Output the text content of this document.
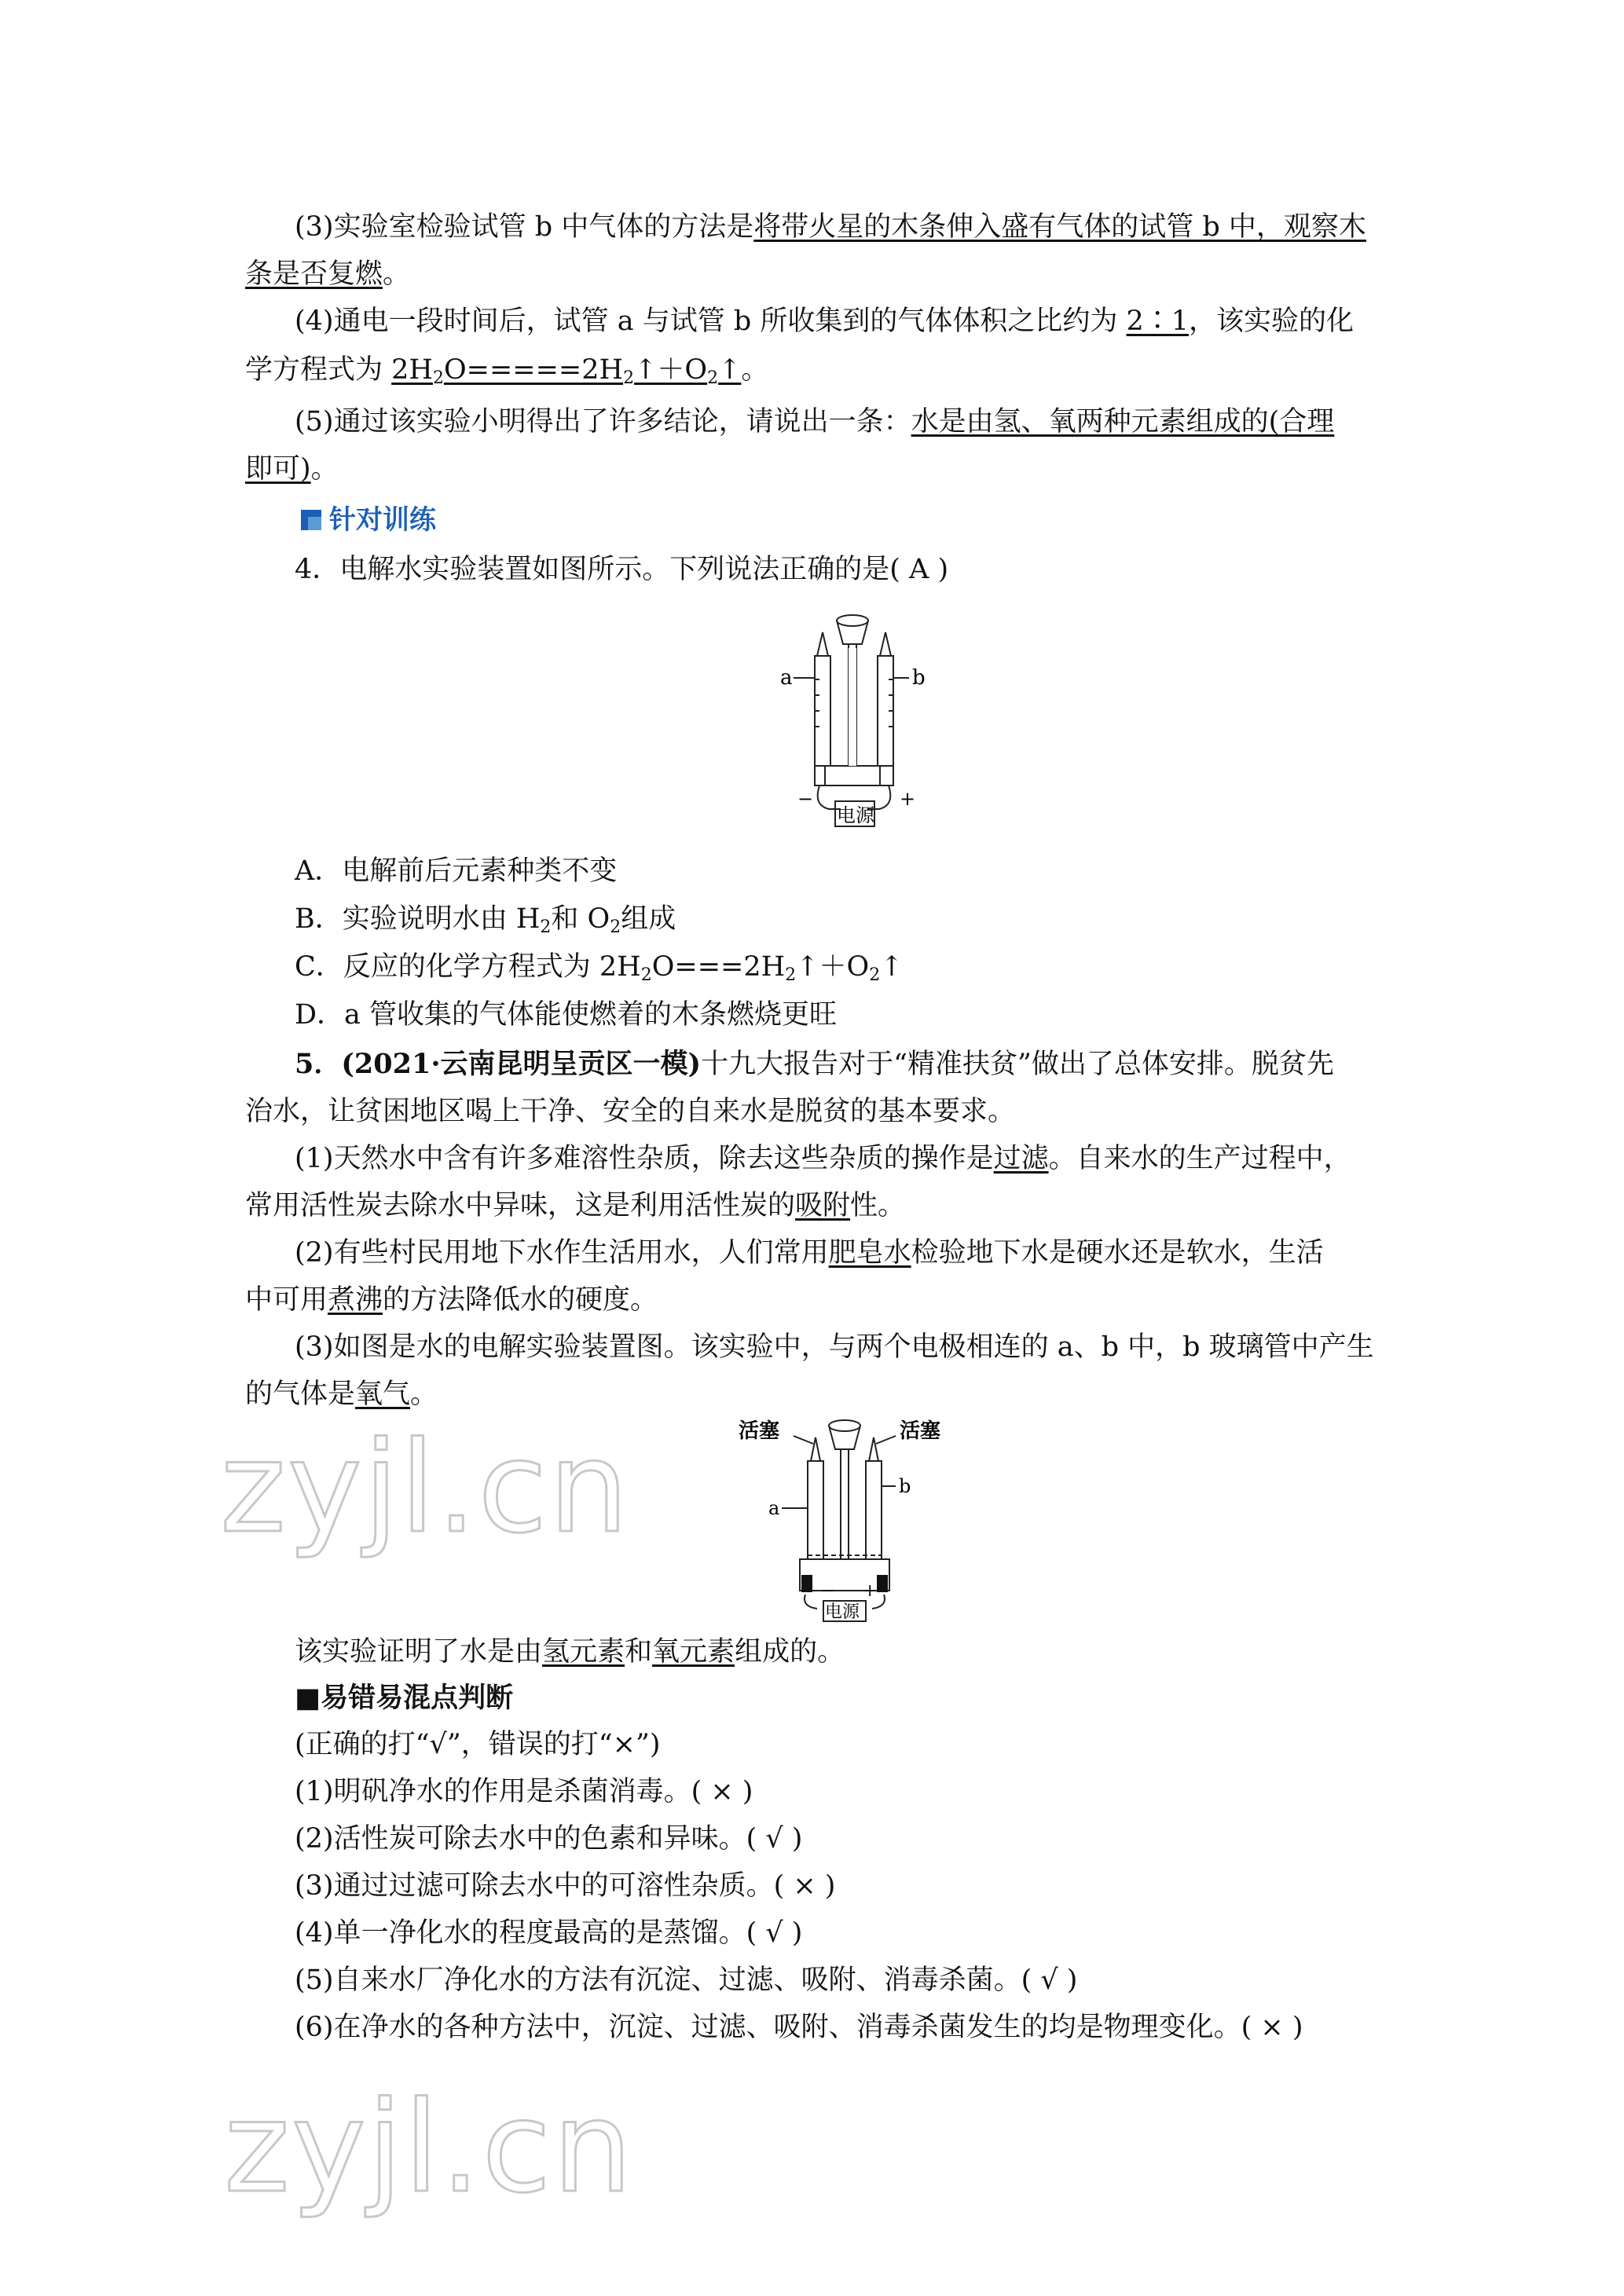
(3)实验室检验试管 b 中气体的方法是将带火星的木条伸入盛有气体的试管 b 中，观察木
条是否复燃。
(4)通电一段时间后，试管 a 与试管 b 所收集到的气体体积之比约为 2∶1，该实验的化
学方程式为 $2H_2O=====2H_2↑+O_2↑$。
(5)通过该实验小明得出了许多结论，请说出一条：水是由氢、氧两种元素组成的(合理
即可)。
针对训练
4．电解水实验装置如图所示。下列说法正确的是( A )
a	b
−	+
电源
A．电解前后元素种类不变
B．实验说明水由 $H_2$和 $O_2$组成
C．反应的化学方程式为 $2H_2O===2H_2↑+O_2↑$
D．a 管收集的气体能使燃着的木条燃烧更旺
5．(2021·云南昆明呈贡区一模)十九大报告对于“精准扶贫”做出了总体安排。脱贫先
治水，让贫困地区喝上干净、安全的自来水是脱贫的基本要求。
(1)天然水中含有许多难溶性杂质，除去这些杂质的操作是过滤。自来水的生产过程中，
常用活性炭去除水中异味，这是利用活性炭的吸附性。
(2)有些村民用地下水作生活用水，人们常用肥皂水检验地下水是硬水还是软水，生活
中可用煮沸的方法降低水的硬度。
(3)如图是水的电解实验装置图。该实验中，与两个电极相连的 a、b 中，b 玻璃管中产生
的气体是氧气。
活塞	活塞
a
b
− +
电源
该实验证明了水是由氢元素和氧元素组成的。
■易错易混点判断
(正确的打“√”，错误的打“×”)
(1)明矾净水的作用是杀菌消毒。( × )
(2)活性炭可除去水中的色素和异味。( √ )
(3)通过过滤可除去水中的可溶性杂质。( × )
(4)单一净化水的程度最高的是蒸馏。( √ )
(5)自来水厂净化水的方法有沉淀、过滤、吸附、消毒杀菌。( √ )
(6)在净水的各种方法中，沉淀、过滤、吸附、消毒杀菌发生的均是物理变化。( × )
zyjl.cn
zyjl.cn
